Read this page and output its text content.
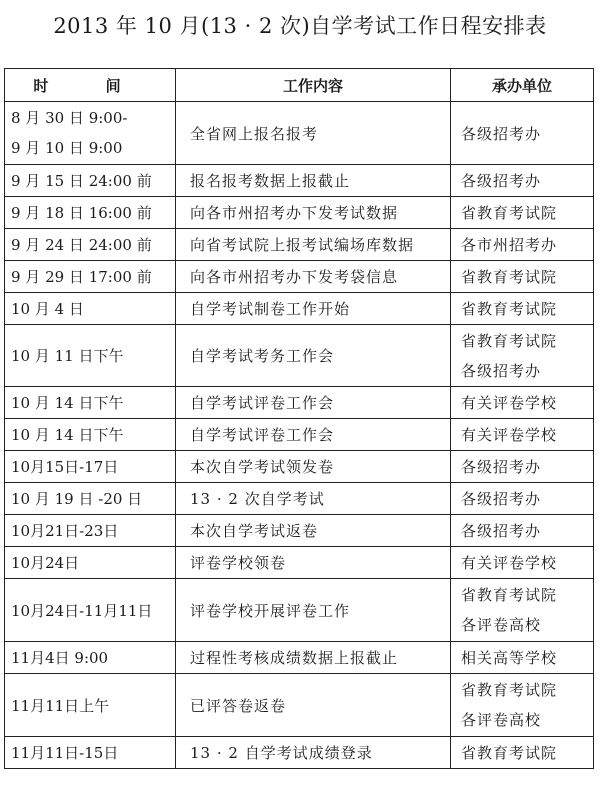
2013 年 10 月(13 · 2 次)自学考试工作日程安排表
时 间	工作内容	承办单位
8 月 30 日 9:00-
9 月 10 日 9:00	全省网上报名报考	各级招考办
9 月 15 日 24:00 前	报名报考数据上报截止	各级招考办
9 月 18 日 16:00 前	向各市州招考办下发考试数据	省教育考试院
9 月 24 日 24:00 前	向省考试院上报考试编场库数据	各市州招考办
9 月 29 日 17:00 前	向各市州招考办下发考袋信息	省教育考试院
10 月 4 日	自学考试制卷工作开始	省教育考试院
10 月 11 日下午	自学考试考务工作会	省教育考试院
各级招考办
10 月 14 日下午	自学考试评卷工作会	有关评卷学校
10 月 14 日下午	自学考试评卷工作会	有关评卷学校
10月15日-17日	本次自学考试领发卷	各级招考办
10 月 19 日 -20 日	13 · 2 次自学考试	各级招考办
10月21日-23日	本次自学考试返卷	各级招考办
10月24日	评卷学校领卷	有关评卷学校
10月24日-11月11日	评卷学校开展评卷工作	省教育考试院
各评卷高校
11月4日 9:00	过程性考核成绩数据上报截止	相关高等学校
11月11日上午	已评答卷返卷	省教育考试院
各评卷高校
11月11日-15日	13 · 2 自学考试成绩登录	省教育考试院
